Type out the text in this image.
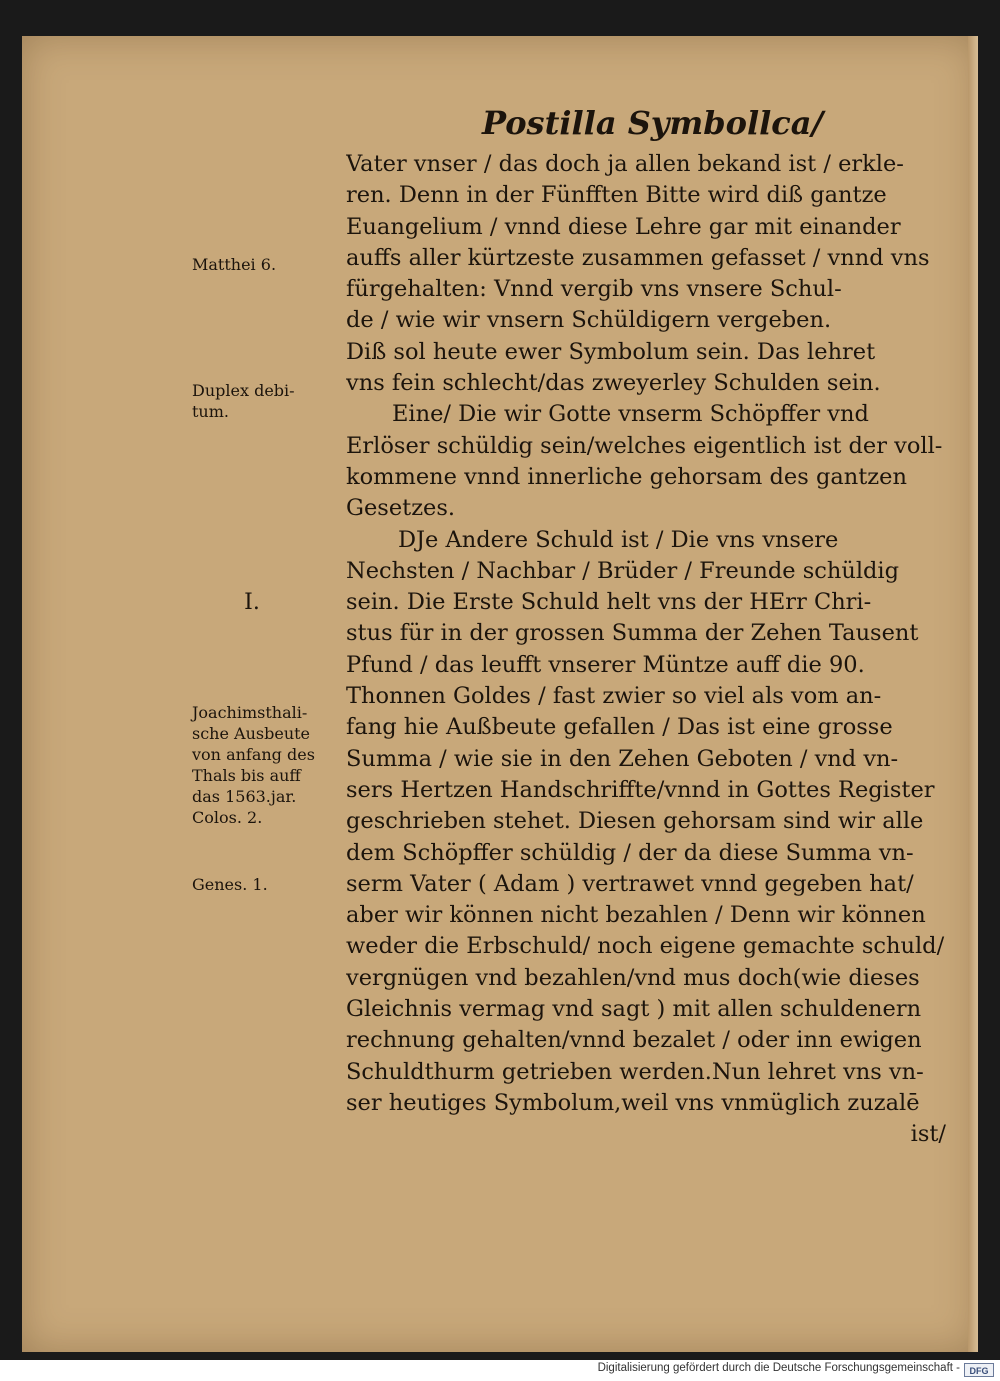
Postilla Symbollca/
Vater vnser / das doch ja allen bekand ist / erkle-
ren. Denn in der Fünfften Bitte wird diß gantze
Euangelium / vnnd diese Lehre gar mit einander
auffs aller kürtzeste zusammen gefasset / vnnd vns
fürgehalten: Vnnd vergib vns vnsere Schul-
de / wie wir vnsern Schüldigern vergeben.
Diß sol heute ewer Symbolum sein. Das lehret
vns fein schlecht/das zweyerley Schulden sein.
Eine/ Die wir Gotte vnserm Schöpffer vnd
Erlöser schüldig sein/welches eigentlich ist der voll-
kommene vnnd innerliche gehorsam des gantzen
Gesetzes.
DJe Andere Schuld ist / Die vns vnsere
Nechsten / Nachbar / Brüder / Freunde schüldig
sein. Die Erste Schuld helt vns der HErr Chri-
stus für in der grossen Summa der Zehen Tausent
Pfund / das leufft vnserer Müntze auff die 90.
Thonnen Goldes / fast zwier so viel als vom an-
fang hie Außbeute gefallen / Das ist eine grosse
Summa / wie sie in den Zehen Geboten / vnd vn-
sers Hertzen Handschriffte/vnnd in Gottes Register
geschrieben stehet. Diesen gehorsam sind wir alle
dem Schöpffer schüldig / der da diese Summa vn-
serm Vater ( Adam ) vertrawet vnnd gegeben hat/
aber wir können nicht bezahlen / Denn wir können
weder die Erbschuld/ noch eigene gemachte schuld/
vergnügen vnd bezahlen/vnd mus doch(wie dieses
Gleichnis vermag vnd sagt ) mit allen schuldenern
rechnung gehalten/vnnd bezalet / oder inn ewigen
Schuldthurm getrieben werden.Nun lehret vns vn-
ser heutiges Symbolum,weil vns vnmüglich zuzalē
ist/
Matthei 6.
Duplex debi-
tum.
I.
Joachimsthali-
sche Ausbeute
von anfang des
Thals bis auff
das 1563.jar.
Colos. 2.
Genes. 1.
Digitalisierung gefördert durch die Deutsche Forschungsgemeinschaft -	DFG
